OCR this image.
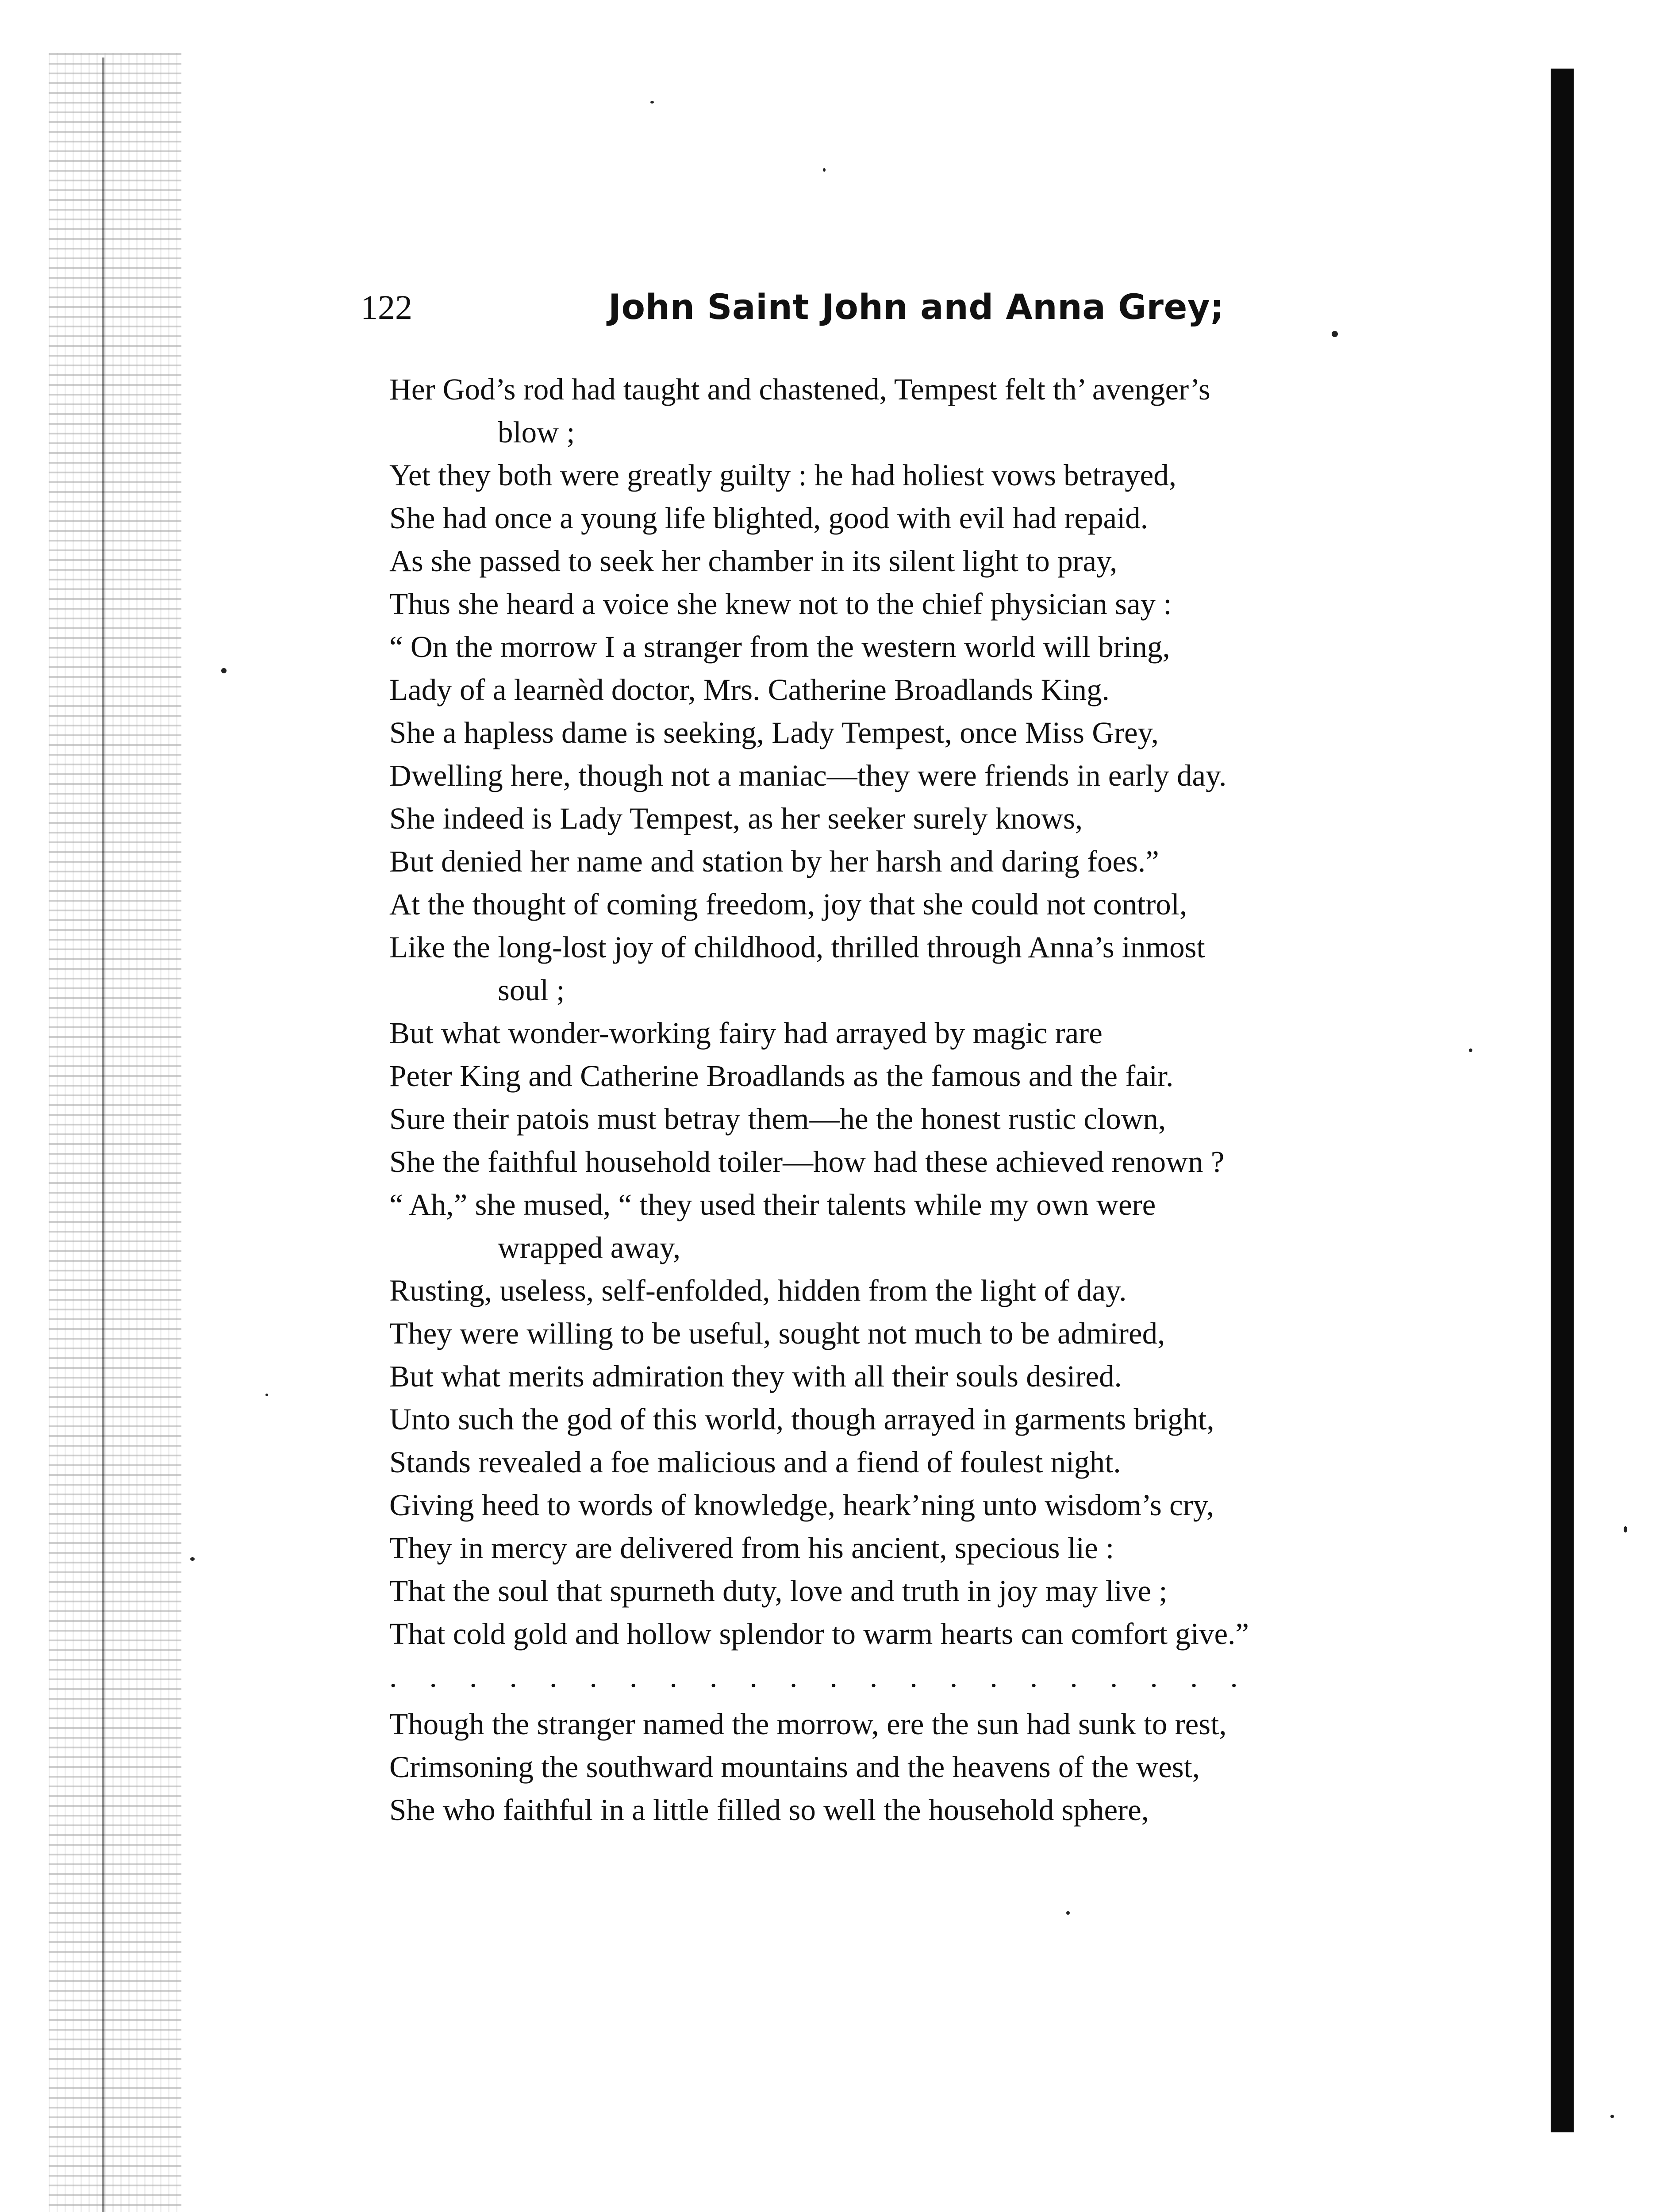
122	John Saint John and Anna Grey;
Her God’s rod had taught and chastened, Tempest felt th’ avenger’s
blow ;
Yet they both were greatly guilty : he had holiest vows betrayed,
She had once a young life blighted, good with evil had repaid.
As she passed to seek her chamber in its silent light to pray,
Thus she heard a voice she knew not to the chief physician say :
“ On the morrow I a stranger from the western world will bring,
Lady of a learnèd doctor, Mrs. Catherine Broadlands King.
She a hapless dame is seeking, Lady Tempest, once Miss Grey,
Dwelling here, though not a maniac—they were friends in early day.
She indeed is Lady Tempest, as her seeker surely knows,
But denied her name and station by her harsh and daring foes.”
At the thought of coming freedom, joy that she could not control,
Like the long-lost joy of childhood, thrilled through Anna’s inmost
soul ;
But what wonder-working fairy had arrayed by magic rare
Peter King and Catherine Broadlands as the famous and the fair.
Sure their patois must betray them—he the honest rustic clown,
She the faithful household toiler—how had these achieved renown ?
“ Ah,” she mused, “ they used their talents while my own were
wrapped away,
Rusting, useless, self-enfolded, hidden from the light of day.
They were willing to be useful, sought not much to be admired,
But what merits admiration they with all their souls desired.
Unto such the god of this world, though arrayed in garments bright,
Stands revealed a foe malicious and a fiend of foulest night.
Giving heed to words of knowledge, heark’ning unto wisdom’s cry,
They in mercy are delivered from his ancient, specious lie :
That the soul that spurneth duty, love and truth in joy may live ;
That cold gold and hollow splendor to warm hearts can comfort give.”
. . . . . . . . . . . . . . . . . . . . . .
Though the stranger named the morrow, ere the sun had sunk to rest,
Crimsoning the southward mountains and the heavens of the west,
She who faithful in a little filled so well the household sphere,
